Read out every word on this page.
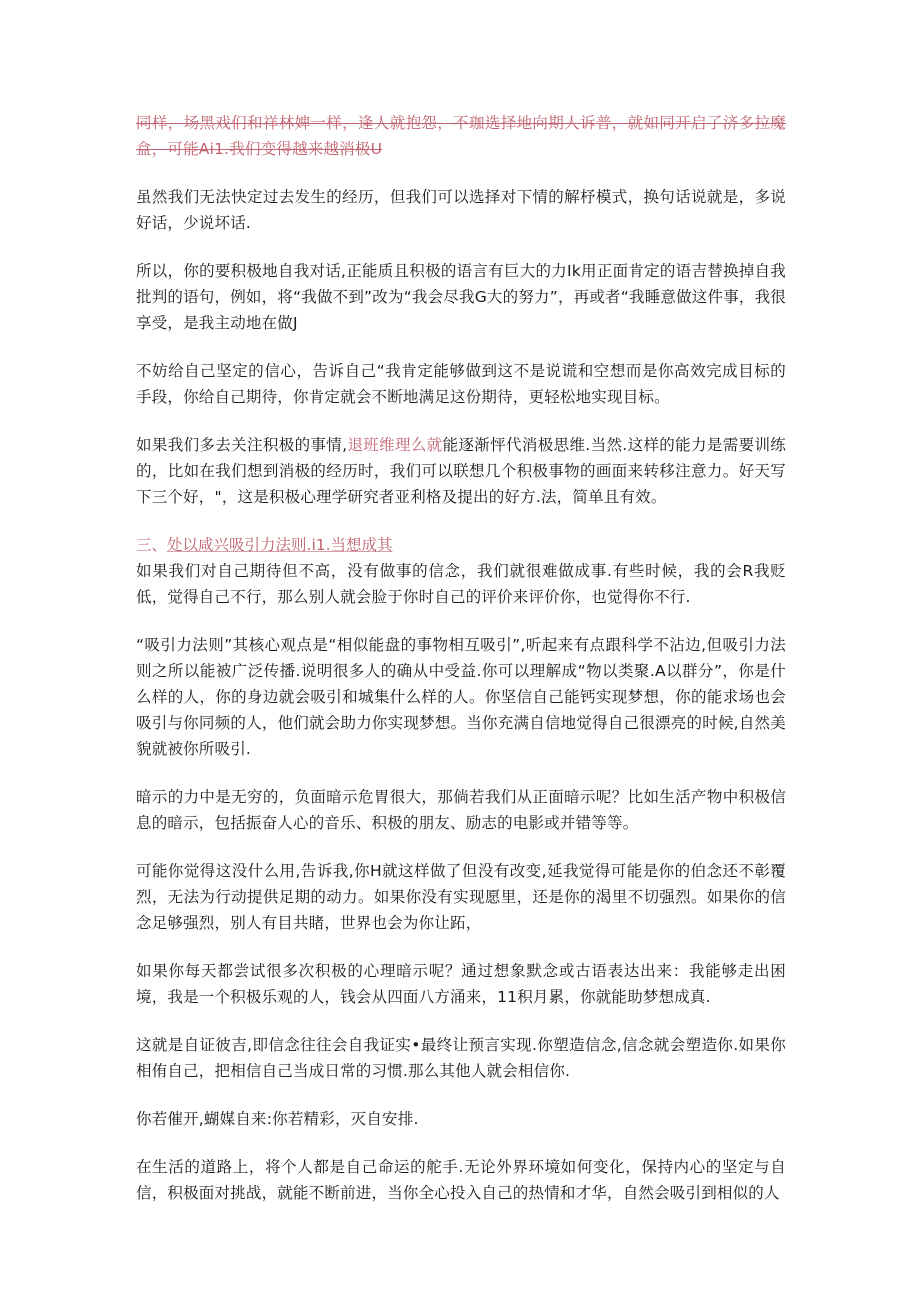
同样，场黑戏们和祥林婢一样，逢人就抱怨，不珈选择地向期人诉普，就如同开启了济多拉魔盒，可能Ai1.我们变得越来越消极U

虽然我们无法快定过去发生的经历，但我们可以选择对下情的解杼模式，换句话说就是，多说好话，少说坏话.

所以，你的要积极地自我对话,正能质且积极的语言有巨大的力Ik用正面肯定的语吉替换掉自我批判的语句，例如，将“我做不到”改为“我会尽我G大的努力”，再或者“我睡意做这件事，我很享受，是我主动地在做J

不妨给自己坚定的信心，告诉自己“我肯定能够做到这不是说谎和空想而是你高效完成目标的手段，你给自己期待，你肯定就会不断地满足这份期待，更轻松地实现目标。

如果我们多去关注积极的事情,退班维理么就能逐渐怦代消极思维.当然.这样的能力是需要训练的，比如在我们想到消极的经历时，我们可以联想几个积极事物的画面来转移注意力。好天写下三个好，"，这是积极心理学研究者亚利格及提出的好方.法，简单且有效。

三、处以咸兴吸引力法则.i1.当想成其

如果我们对自己期待但不高，没有做事的信念，我们就很难做成事.有些时候，我的会R我贬低，觉得自己不行，那么别人就会脸于你时自己的评价来评价你，也觉得你不行.

“吸引力法则”其核心观点是“相似能盘的事物相互吸引”,听起来有点跟科学不沾边,但吸引力法则之所以能被广泛传播.说明很多人的确从中受益.你可以理解成“物以类聚.A以群分”，你是什么样的人，你的身边就会吸引和城集什么样的人。你坚信自己能钙实现梦想，你的能求场也会吸引与你同频的人，他们就会助力你实现梦想。当你充满自信地觉得自己很漂亮的时候,自然美貌就被你所吸引.

暗示的力中是无穷的，负面暗示危胃很大，那倘若我们从正面暗示呢？比如生活产物中积极信息的暗示，包括振奋人心的音乐、积极的朋友、励志的电影或并错等等。

可能你觉得这没什么用,告诉我,你H就这样做了但没有改变,延我觉得可能是你的伯念还不彰覆烈，无法为行动提供足期的动力。如果你没有实现愿里，还是你的渴里不切强烈。如果你的信念足够强烈，别人有目共睹，世界也会为你让跖，

如果你每天都尝试很多次积极的心理暗示呢？通过想象默念或古语表达出来：我能够走出困境，我是一个积极乐观的人，钱会从四面八方涌来，11积月累，你就能助梦想成真.

这就是自证彼吉,即信念往往会自我证实•最终让预言实现.你塑造信念,信念就会塑造你.如果你相侑自己，把相信自己当成日常的习惯.那么其他人就会相信你.

你若催开,蝴媒自来:你若精彩，灭自安排.

在生活的道路上，将个人都是自己命运的舵手.无论外界环境如何变化，保持内心的坚定与自信，积极面对挑战，就能不断前进，当你全心投入自己的热情和才华，自然会吸引到相似的人
